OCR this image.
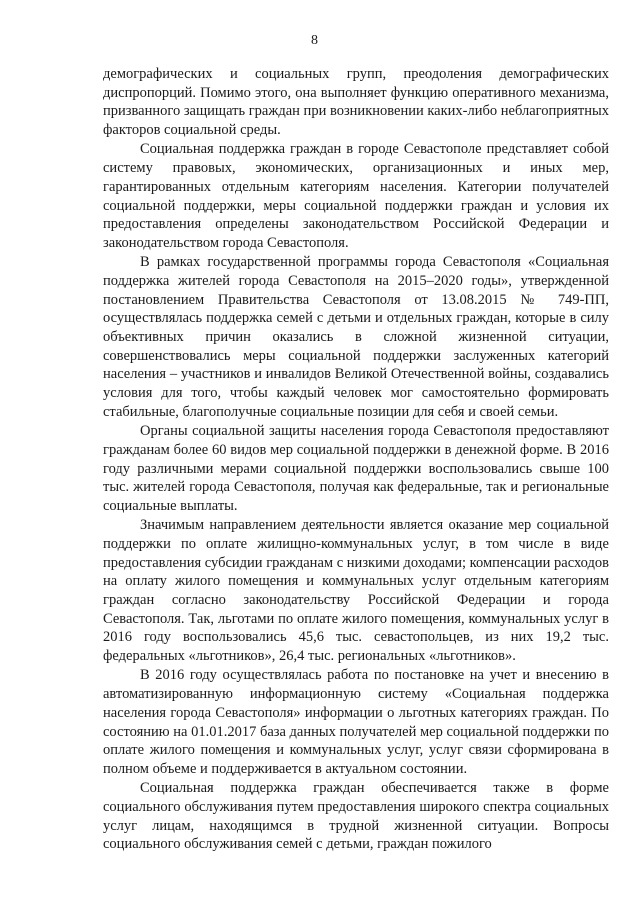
8

демографических и социальных групп, преодоления демографических диспропорций. Помимо этого, она выполняет функцию оперативного механизма, призванного защищать граждан при возникновении каких-либо неблагоприятных факторов социальной среды.

Социальная поддержка граждан в городе Севастополе представляет собой систему правовых, экономических, организационных и иных мер, гарантированных отдельным категориям населения. Категории получателей социальной поддержки, меры социальной поддержки граждан и условия их предоставления определены законодательством Российской Федерации и законодательством города Севастополя.

В рамках государственной программы города Севастополя «Социальная поддержка жителей города Севастополя на 2015–2020 годы», утвержденной постановлением Правительства Севастополя от 13.08.2015 № 749-ПП, осуществлялась поддержка семей с детьми и отдельных граждан, которые в силу объективных причин оказались в сложной жизненной ситуации, совершенствовались меры социальной поддержки заслуженных категорий населения – участников и инвалидов Великой Отечественной войны, создавались условия для того, чтобы каждый человек мог самостоятельно формировать стабильные, благополучные социальные позиции для себя и своей семьи.

Органы социальной защиты населения города Севастополя предоставляют гражданам более 60 видов мер социальной поддержки в денежной форме. В 2016 году различными мерами социальной поддержки воспользовались свыше 100 тыс. жителей города Севастополя, получая как федеральные, так и региональные социальные выплаты.

Значимым направлением деятельности является оказание мер социальной поддержки по оплате жилищно-коммунальных услуг, в том числе в виде предоставления субсидии гражданам с низкими доходами; компенсации расходов на оплату жилого помещения и коммунальных услуг отдельным категориям граждан согласно законодательству Российской Федерации и города Севастополя. Так, льготами по оплате жилого помещения, коммунальных услуг в 2016 году воспользовались 45,6 тыс. севастопольцев, из них 19,2 тыс. федеральных «льготников», 26,4 тыс. региональных «льготников».

В 2016 году осуществлялась работа по постановке на учет и внесению в автоматизированную информационную систему «Социальная поддержка населения города Севастополя» информации о льготных категориях граждан. По состоянию на 01.01.2017 база данных получателей мер социальной поддержки по оплате жилого помещения и коммунальных услуг, услуг связи сформирована в полном объеме и поддерживается в актуальном состоянии.

Социальная поддержка граждан обеспечивается также в форме социального обслуживания путем предоставления широкого спектра социальных услуг лицам, находящимся в трудной жизненной ситуации. Вопросы социального обслуживания семей с детьми, граждан пожилого
